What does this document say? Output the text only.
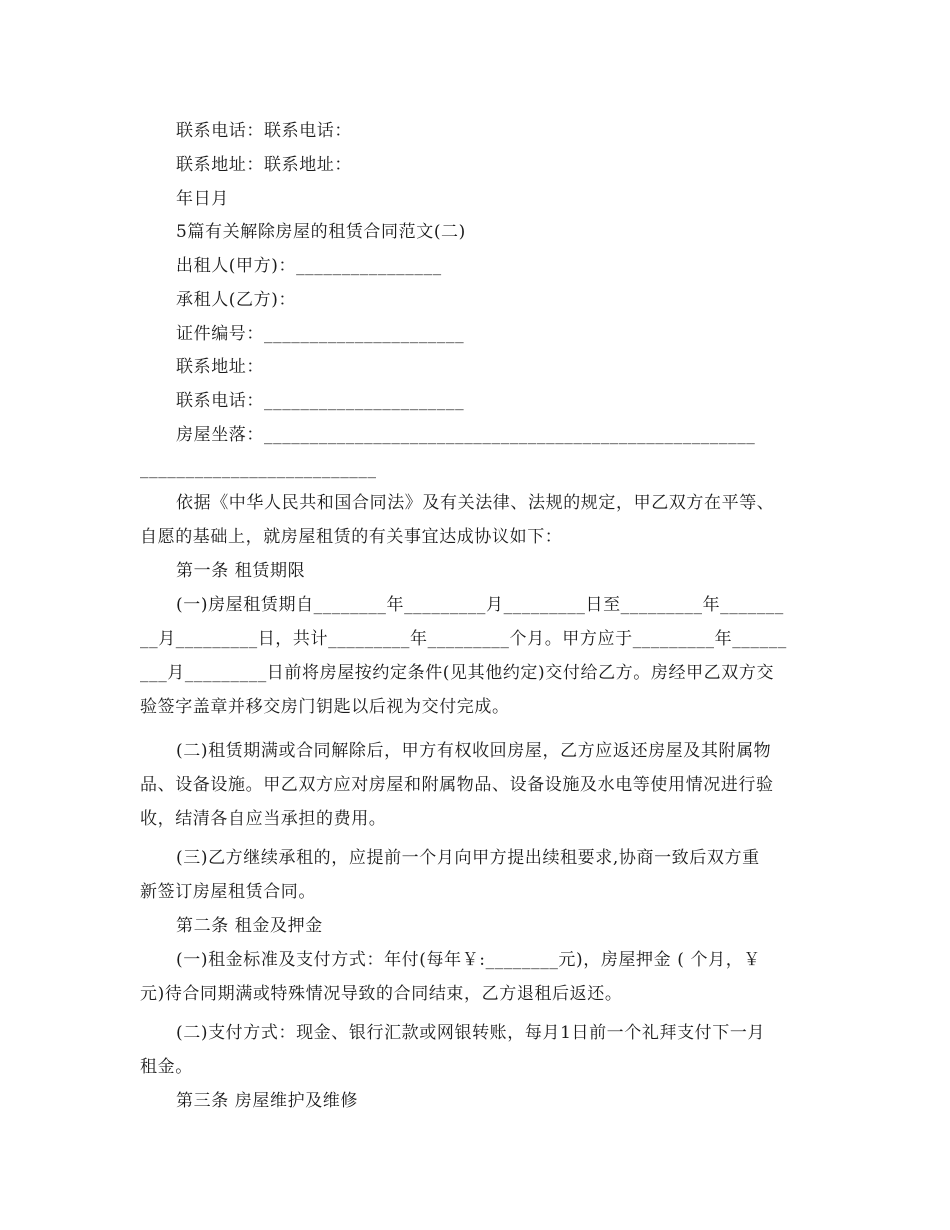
联系电话：联系电话：
联系地址：联系地址：
年日月
5篇有关解除房屋的租赁合同范文(二)
出租人(甲方)：________________
承租人(乙方)：
证件编号：______________________
联系地址：
联系电话：______________________
房屋坐落：______________________________________________________
__________________________
依据《中华人民共和国合同法》及有关法律、法规的规定，甲乙双方在平等、
自愿的基础上，就房屋租赁的有关事宜达成协议如下：
第一条 租赁期限
(一)房屋租赁期自________年_________月_________日至_________年_______
__月_________日，共计_________年_________个月。甲方应于_________年______
___月_________日前将房屋按约定条件(见其他约定)交付给乙方。房经甲乙双方交
验签字盖章并移交房门钥匙以后视为交付完成。
(二)租赁期满或合同解除后，甲方有权收回房屋，乙方应返还房屋及其附属物
品、设备设施。甲乙双方应对房屋和附属物品、设备设施及水电等使用情况进行验
收，结清各自应当承担的费用。
(三)乙方继续承租的，应提前一个月向甲方提出续租要求,协商一致后双方重
新签订房屋租赁合同。
第二条 租金及押金
(一)租金标准及支付方式：年付(每年￥:________元)，房屋押金 ( 个月，￥
元)待合同期满或特殊情况导致的合同结束，乙方退租后返还。
(二)支付方式：现金、银行汇款或网银转账，每月1日前一个礼拜支付下一月
租金。
第三条 房屋维护及维修
